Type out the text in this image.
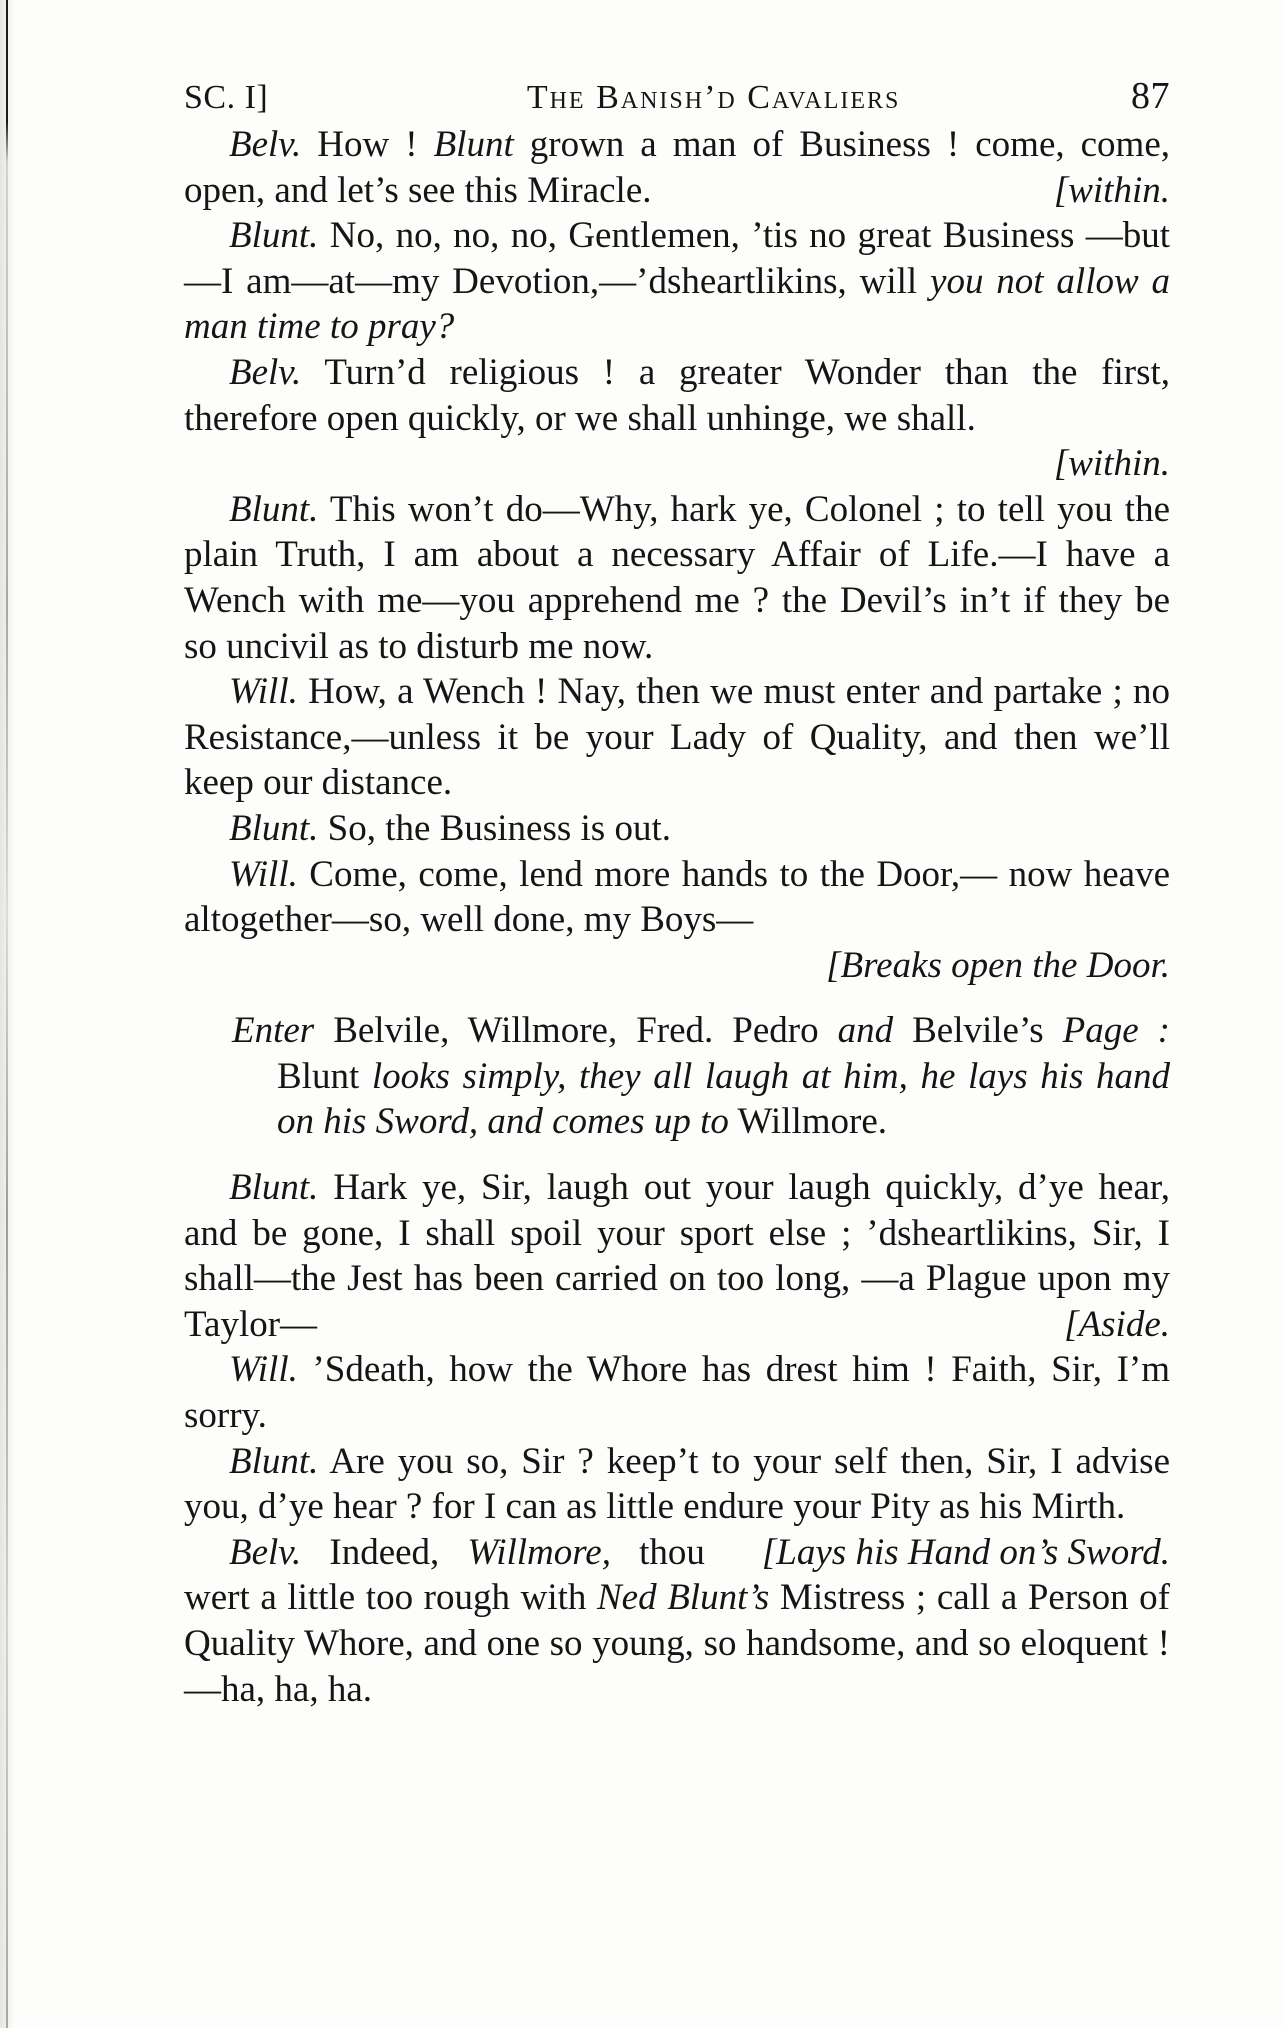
SC. I]	The Banish’d Cavaliers	87

Belv. How ! Blunt grown a man of Business ! come, come, open, and let’s see this Miracle.	[within.

Blunt. No, no, no, no, Gentlemen, ’tis no great Business —but—I am—at—my Devotion,—’dsheartlikins, will you not allow a man time to pray?

Belv. Turn’d religious ! a greater Wonder than the first, therefore open quickly, or we shall unhinge, we shall.

[within.

Blunt. This won’t do—Why, hark ye, Colonel ; to tell you the plain Truth, I am about a necessary Affair of Life.—I have a Wench with me—you apprehend me ? the Devil’s in’t if they be so uncivil as to disturb me now.

Will. How, a Wench ! Nay, then we must enter and partake ; no Resistance,—unless it be your Lady of Quality, and then we’ll keep our distance.

Blunt. So, the Business is out.

Will. Come, come, lend more hands to the Door,— now heave altogether—so, well done, my Boys—

[Breaks open the Door.

Enter Belvile, Willmore, Fred. Pedro and Belvile’s Page : Blunt looks simply, they all laugh at him, he lays his hand on his Sword, and comes up to Willmore.

Blunt. Hark ye, Sir, laugh out your laugh quickly, d’ye hear, and be gone, I shall spoil your sport else ; ’dsheartlikins, Sir, I shall—the Jest has been carried on too long, —a Plague upon my Taylor—	[Aside.

Will. ’Sdeath, how the Whore has drest him ! Faith, Sir, I’m sorry.

Blunt. Are you so, Sir ? keep’t to your self then, Sir, I advise you, d’ye hear ? for I can as little endure your Pity as his Mirth.
[Lays his Hand on’s Sword.

Belv. Indeed, Willmore, thou wert a little too rough with Ned Blunt’s Mistress ; call a Person of Quality Whore, and one so young, so handsome, and so eloquent !—ha, ha, ha.
